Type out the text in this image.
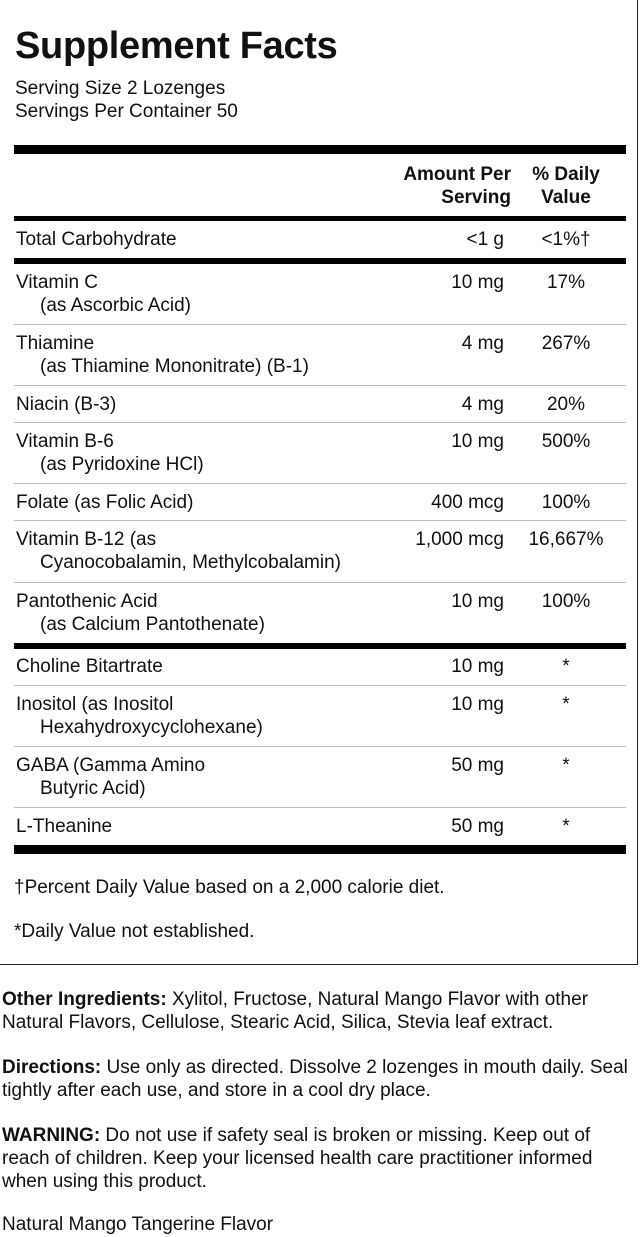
Supplement Facts
Serving Size 2 Lozenges
Servings Per Container 50
Amount Per
Serving
% Daily
Value
Total Carbohydrate	<1 g	<1%†
Vitamin C
(as Ascorbic Acid)
10 mg	17%
Thiamine
(as Thiamine Mononitrate) (B-1)
4 mg	267%
Niacin (B-3)	4 mg	20%
Vitamin B-6
(as Pyridoxine HCl)
10 mg	500%
Folate (as Folic Acid)	400 mcg	100%
Vitamin B-12 (as
Cyanocobalamin, Methylcobalamin)
1,000 mcg	16,667%
Pantothenic Acid
(as Calcium Pantothenate)
10 mg	100%
Choline Bitartrate	10 mg	*
Inositol (as Inositol
Hexahydroxycyclohexane)
10 mg	*
GABA (Gamma Amino
Butyric Acid)
50 mg	*
L-Theanine	50 mg	*
†Percent Daily Value based on a 2,000 calorie diet.
*Daily Value not established.
Other Ingredients: Xylitol, Fructose, Natural Mango Flavor with other Natural Flavors, Cellulose, Stearic Acid, Silica, Stevia leaf extract.
Directions: Use only as directed. Dissolve 2 lozenges in mouth daily. Seal tightly after each use, and store in a cool dry place.
WARNING: Do not use if safety seal is broken or missing. Keep out of reach of children. Keep your licensed health care practitioner informed when using this product.
Natural Mango Tangerine Flavor
